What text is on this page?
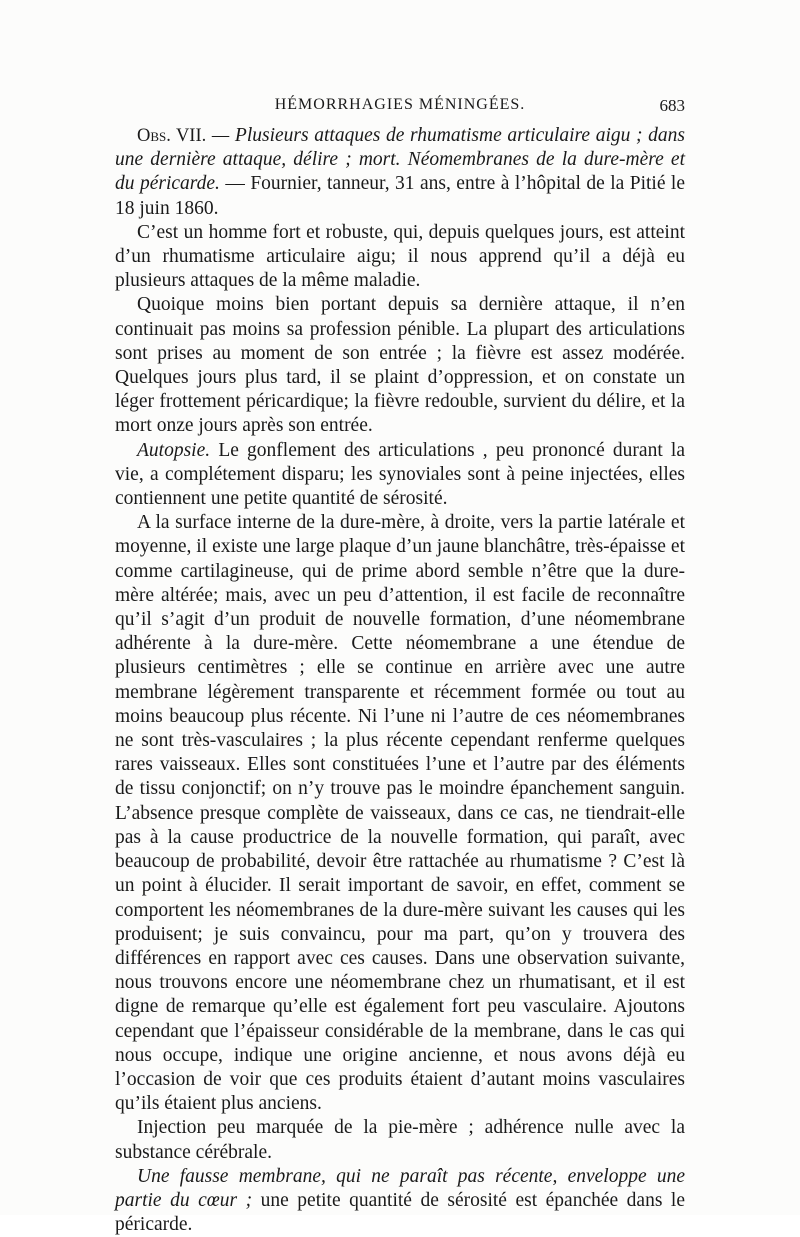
HÉMORRHAGIES MÉNINGÉES.	683

Obs. VII. — Plusieurs attaques de rhumatisme articulaire aigu ; dans une dernière attaque, délire ; mort. Néomembranes de la dure-mère et du péricarde. — Fournier, tanneur, 31 ans, entre à l’hôpital de la Pitié le 18 juin 1860.

C’est un homme fort et robuste, qui, depuis quelques jours, est atteint d’un rhumatisme articulaire aigu; il nous apprend qu’il a déjà eu plusieurs attaques de la même maladie.

Quoique moins bien portant depuis sa dernière attaque, il n’en continuait pas moins sa profession pénible. La plupart des articulations sont prises au moment de son entrée ; la fièvre est assez modérée. Quelques jours plus tard, il se plaint d’oppression, et on constate un léger frottement péricardique; la fièvre redouble, survient du délire, et la mort onze jours après son entrée.

Autopsie. Le gonflement des articulations , peu prononcé durant la vie, a complétement disparu; les synoviales sont à peine injectées, elles contiennent une petite quantité de sérosité.

A la surface interne de la dure-mère, à droite, vers la partie latérale et moyenne, il existe une large plaque d’un jaune blanchâtre, très-épaisse et comme cartilagineuse, qui de prime abord semble n’être que la dure-mère altérée; mais, avec un peu d’attention, il est facile de reconnaître qu’il s’agit d’un produit de nouvelle formation, d’une néomembrane adhérente à la dure-mère. Cette néomembrane a une étendue de plusieurs centimètres ; elle se continue en arrière avec une autre membrane légèrement transparente et récemment formée ou tout au moins beaucoup plus récente. Ni l’une ni l’autre de ces néomembranes ne sont très-vasculaires ; la plus récente cependant renferme quelques rares vaisseaux. Elles sont constituées l’une et l’autre par des éléments de tissu conjonctif; on n’y trouve pas le moindre épanchement sanguin. L’absence presque complète de vaisseaux, dans ce cas, ne tiendrait-elle pas à la cause productrice de la nouvelle formation, qui paraît, avec beaucoup de probabilité, devoir être rattachée au rhumatisme ? C’est là un point à élucider. Il serait important de savoir, en effet, comment se comportent les néomembranes de la dure-mère suivant les causes qui les produisent; je suis convaincu, pour ma part, qu’on y trouvera des différences en rapport avec ces causes. Dans une observation suivante, nous trouvons encore une néomembrane chez un rhumatisant, et il est digne de remarque qu’elle est également fort peu vasculaire. Ajoutons cependant que l’épaisseur considérable de la membrane, dans le cas qui nous occupe, indique une origine ancienne, et nous avons déjà eu l’occasion de voir que ces produits étaient d’autant moins vasculaires qu’ils étaient plus anciens.

Injection peu marquée de la pie-mère ; adhérence nulle avec la substance cérébrale.

Une fausse membrane, qui ne paraît pas récente, enveloppe une partie du cœur ; une petite quantité de sérosité est épanchée dans le péricarde.
